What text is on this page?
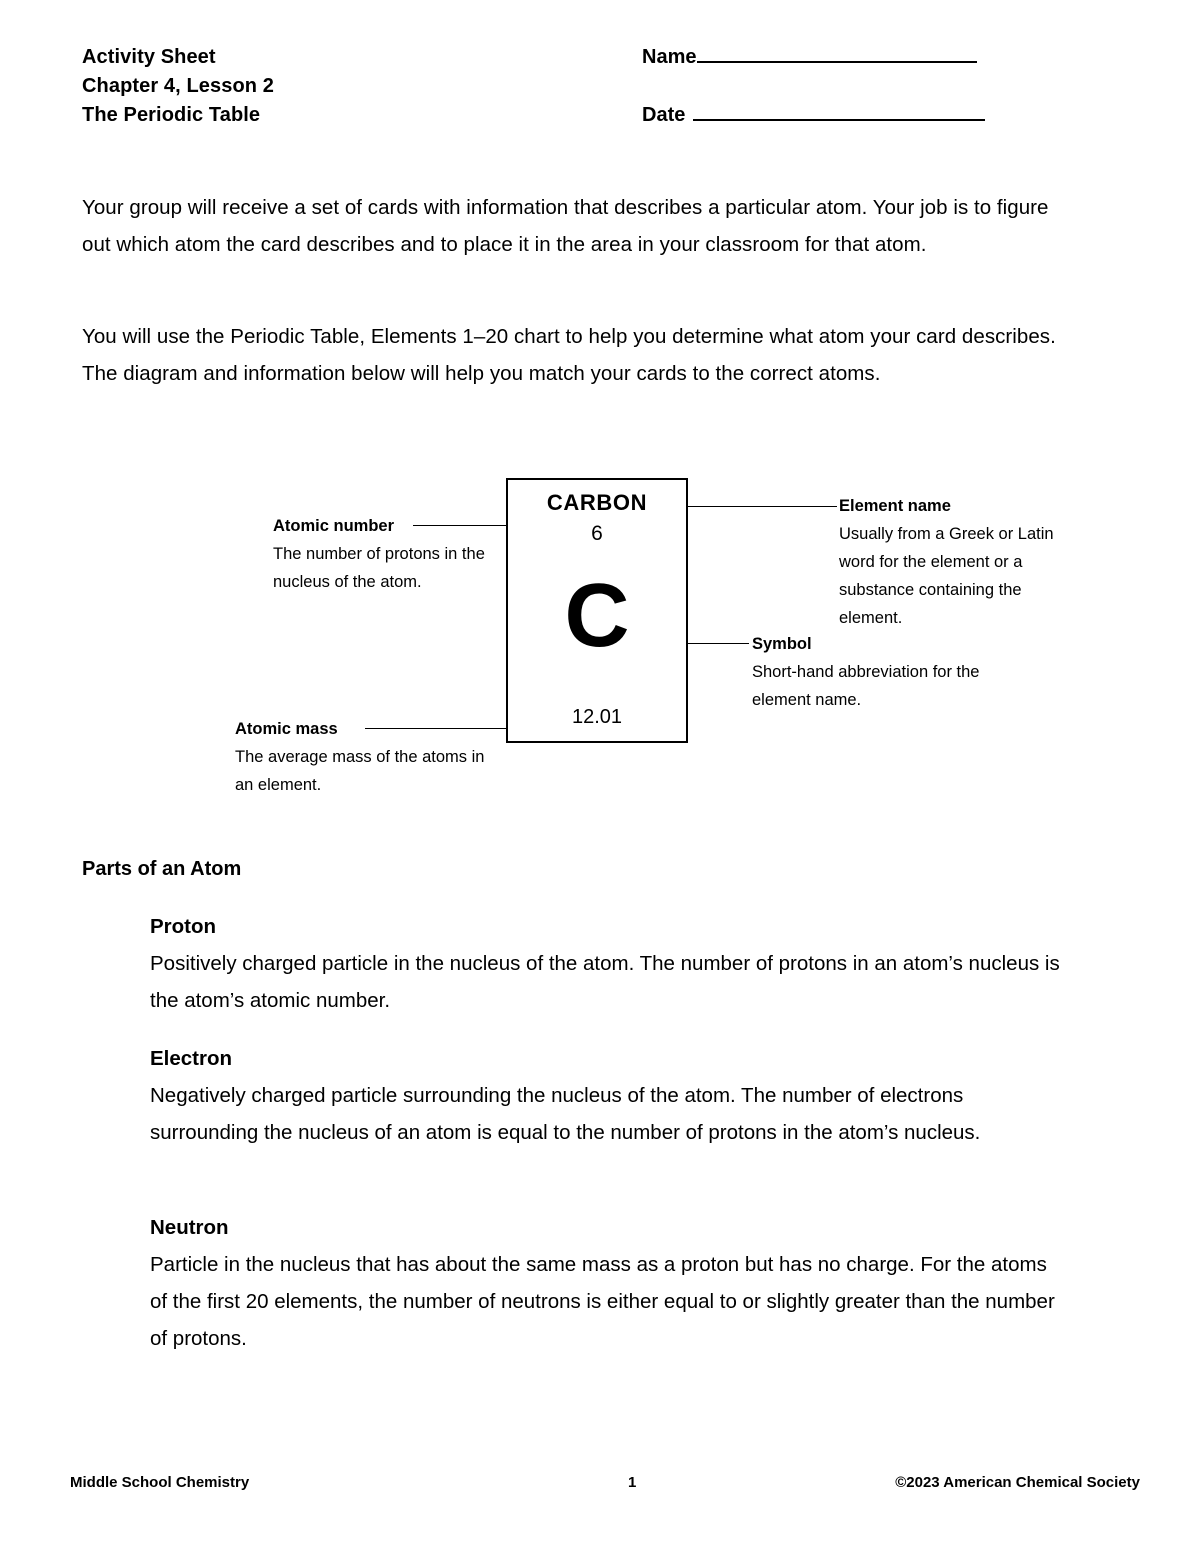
Activity Sheet	Name
Chapter 4, Lesson 2
The Periodic Table	Date
Your group will receive a set of cards with information that describes a particular atom. Your job is to figure out which atom the card describes and to place it in the area in your classroom for that atom.
You will use the Periodic Table, Elements 1–20 chart to help you determine what atom your card describes. The diagram and information below will help you match your cards to the correct atoms.
CARBON
6
C
12.01
Atomic number
The number of protons in the nucleus of the atom.
Atomic mass
The average mass of the atoms in an element.
Element name
Usually from a Greek or Latin word for the element or a substance containing the element.
Symbol
Short-hand abbreviation for the element name.
Parts of an Atom
Proton
Positively charged particle in the nucleus of the atom. The number of protons in an atom’s nucleus is the atom’s atomic number.
Electron
Negatively charged particle surrounding the nucleus of the atom. The number of electrons surrounding the nucleus of an atom is equal to the number of protons in the atom’s nucleus.
Neutron
Particle in the nucleus that has about the same mass as a proton but has no charge. For the atoms of the first 20 elements, the number of neutrons is either equal to or slightly greater than the number of protons.
Middle School Chemistry	1	©2023 American Chemical Society
